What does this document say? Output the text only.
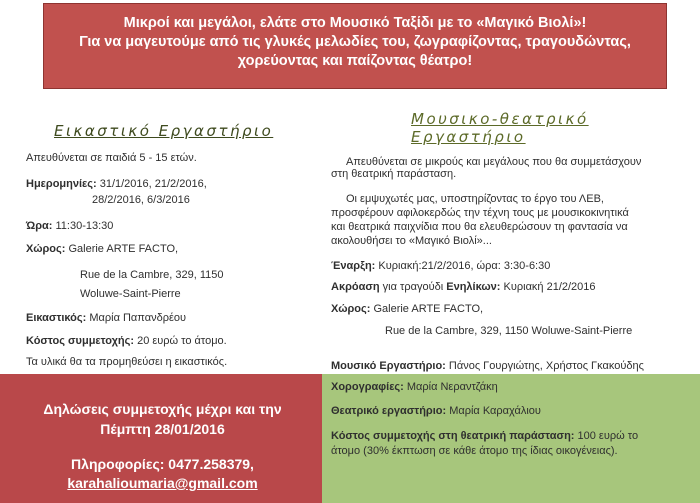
Μικροί και μεγάλοι, ελάτε στο Μουσικό Ταξίδι με το «Μαγικό Βιολί»!
Για να μαγευτούμε από τις γλυκές μελωδίες του, ζωγραφίζοντας, τραγουδώντας,
χορεύοντας και παίζοντας θέατρο!
Εικαστικό Εργαστήριο
Απευθύνεται σε παιδιά 5 - 15 ετών.
Ημερομηνίες: 31/1/2016, 21/2/2016,
28/2/2016, 6/3/2016
Ώρα: 11:30-13:30
Χώρος: Galerie ARTE FACTO,
Rue de la Cambre, 329, 1150
Woluwe-Saint-Pierre
Εικαστικός: Μαρία Παπανδρέου
Κόστος συμμετοχής: 20 ευρώ το άτομο.
Τα υλικά θα τα προμηθεύσει η εικαστικός.
Μουσικο-θεατρικό
Εργαστήριο
Απευθύνεται σε μικρούς και μεγάλους που θα συμμετάσχουν
στη θεατρική παράσταση.
Οι εμψυχωτές μας, υποστηρίζοντας το έργο του ΛΕΒ,
προσφέρουν αφιλοκερδώς την τέχνη τους με μουσικοκινητικά
και θεατρικά παιχνίδια που θα ελευθερώσουν τη φαντασία να
ακολουθήσει το «Μαγικό Βιολί»...
Έναρξη: Κυριακή:21/2/2016, ώρα: 3:30-6:30
Ακρόαση για τραγούδι Ενηλίκων: Κυριακή 21/2/2016
Χώρος: Galerie ARTE FACTO,
Rue de la Cambre, 329, 1150 Woluwe-Saint-Pierre
Μουσικό Εργαστήριο: Πάνος Γουργιώτης, Χρήστος Γκακούδης
Δηλώσεις συμμετοχής μέχρι και την
Πέμπτη 28/01/2016
Πληροφορίες: 0477.258379,
karahalioumaria@gmail.com
Χορογραφίες: Μαρία Νεραντζάκη
Θεατρικό εργαστήριο: Μαρία Καραχάλιου
Κόστος συμμετοχής στη θεατρική παράσταση: 100 ευρώ το
άτομο (30% έκπτωση σε κάθε άτομο της ίδιας οικογένειας).
